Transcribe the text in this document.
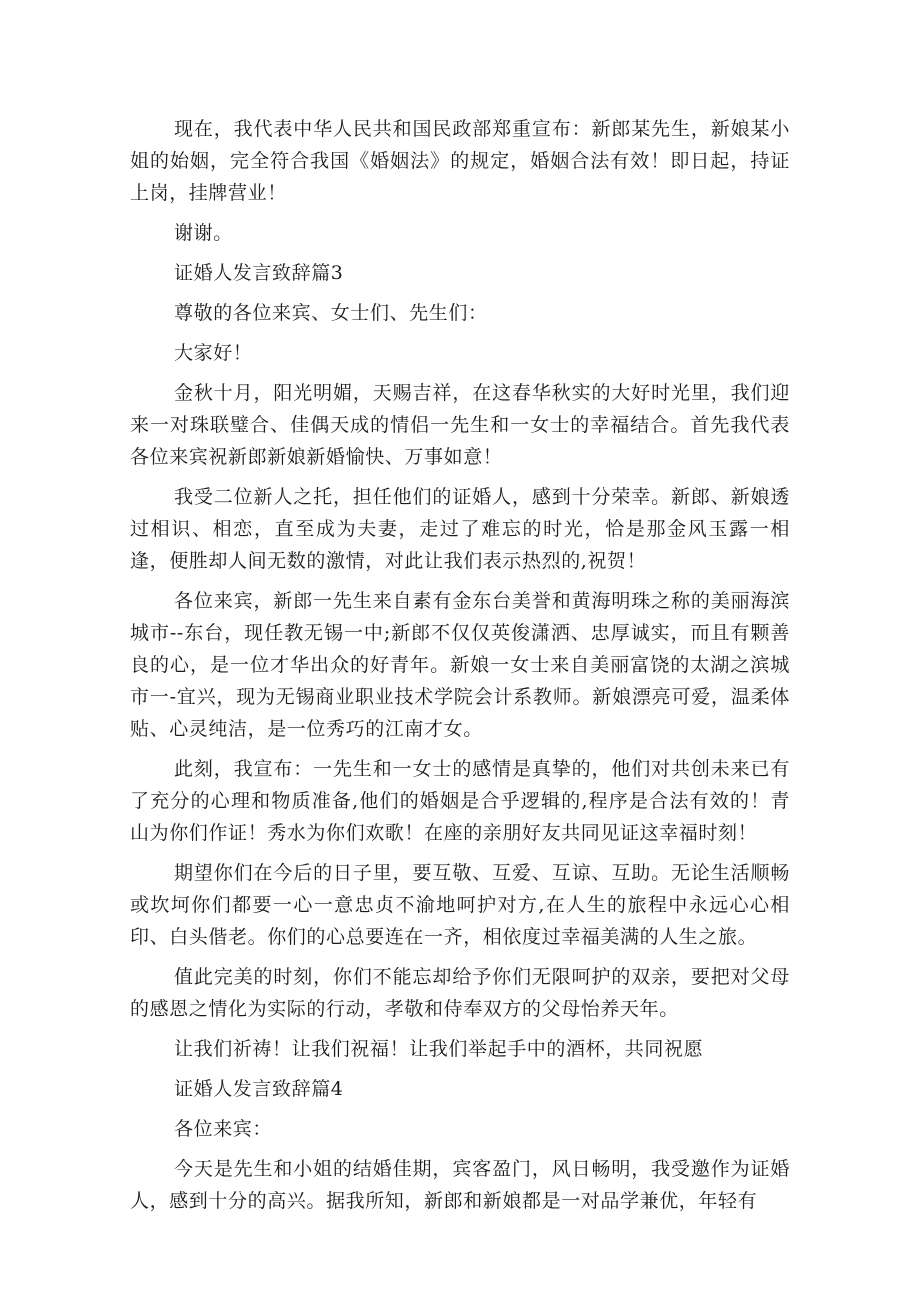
现在，我代表中华人民共和国民政部郑重宣布：新郎某先生，新娘某小姐的始姻，完全符合我国《婚姻法》的规定，婚姻合法有效！即日起，持证上岗，挂牌营业！

谢谢。

证婚人发言致辞篇3

尊敬的各位来宾、女士们、先生们：

大家好！

金秋十月，阳光明媚，天赐吉祥，在这春华秋实的大好时光里，我们迎来一对珠联璧合、佳偶天成的情侣一先生和一女士的幸福结合。首先我代表各位来宾祝新郎新娘新婚愉快、万事如意！

我受二位新人之托，担任他们的证婚人，感到十分荣幸。新郎、新娘透过相识、相恋，直至成为夫妻，走过了难忘的时光，恰是那金风玉露一相逢，便胜却人间无数的激情，对此让我们表示热烈的,祝贺！

各位来宾，新郎一先生来自素有金东台美誉和黄海明珠之称的美丽海滨城市--东台，现任教无锡一中;新郎不仅仅英俊潇洒、忠厚诚实，而且有颗善良的心，是一位才华出众的好青年。新娘一女士来自美丽富饶的太湖之滨城市一-宜兴，现为无锡商业职业技术学院会计系教师。新娘漂亮可爱，温柔体贴、心灵纯洁，是一位秀巧的江南才女。

此刻，我宣布：一先生和一女士的感情是真挚的，他们对共创未来已有了充分的心理和物质准备,他们的婚姻是合乎逻辑的,程序是合法有效的！青山为你们作证！秀水为你们欢歌！在座的亲朋好友共同见证这幸福时刻！

期望你们在今后的日子里，要互敬、互爱、互谅、互助。无论生活顺畅或坎坷你们都要一心一意忠贞不渝地呵护对方,在人生的旅程中永远心心相印、白头偕老。你们的心总要连在一齐，相依度过幸福美满的人生之旅。

值此完美的时刻，你们不能忘却给予你们无限呵护的双亲，要把对父母的感恩之情化为实际的行动，孝敬和侍奉双方的父母怡养天年。

让我们祈祷！让我们祝福！让我们举起手中的酒杯，共同祝愿

证婚人发言致辞篇4

各位来宾：

今天是先生和小姐的结婚佳期，宾客盈门，风日畅明，我受邀作为证婚人，感到十分的高兴。据我所知，新郎和新娘都是一对品学兼优，年轻有
